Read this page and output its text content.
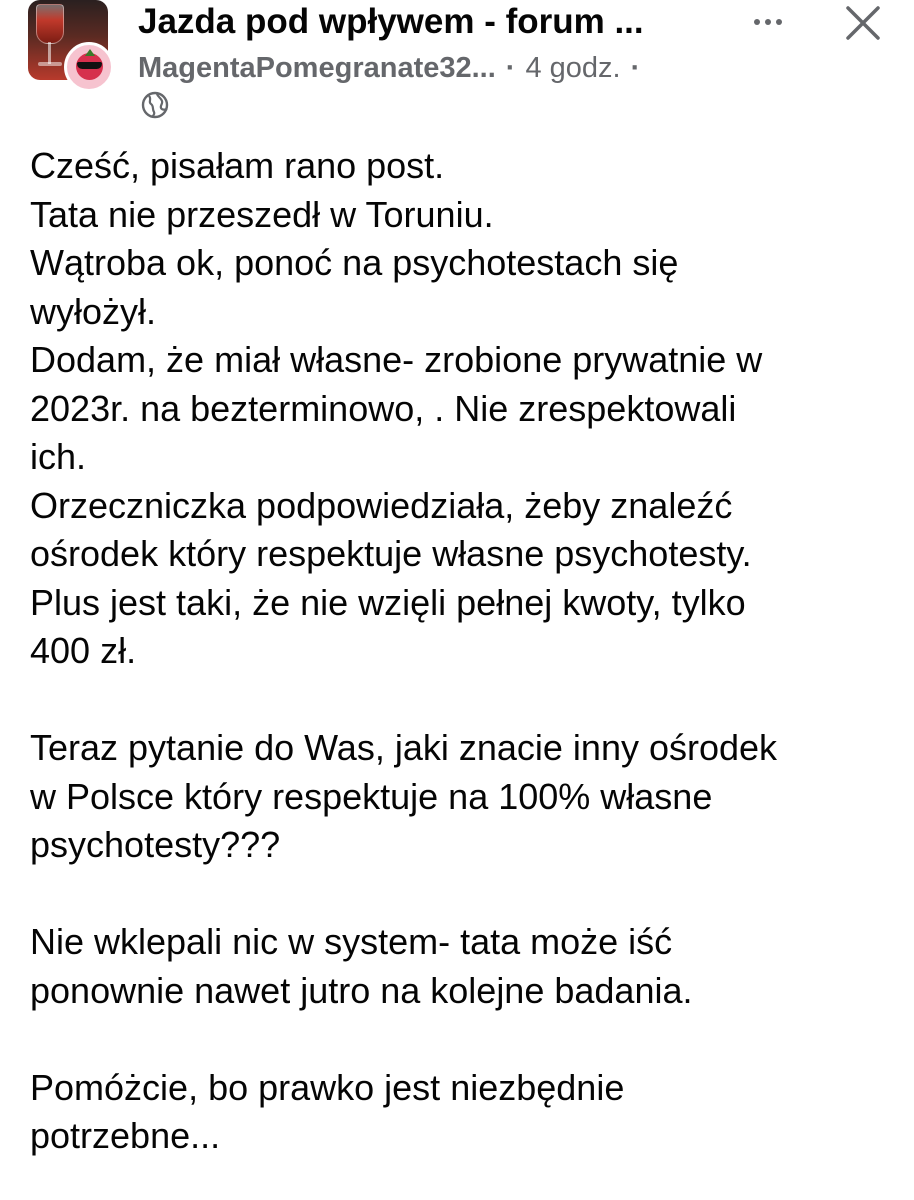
Jazda pod wpływem - forum ...
MagentaPomegranate32... · 4 godz. ·
Cześć, pisałam rano post.
Tata nie przeszedł w Toruniu.
Wątroba ok, ponoć na psychotestach się
wyłożył.
Dodam, że miał własne- zrobione prywatnie w
2023r. na bezterminowo, . Nie zrespektowali
ich.
Orzeczniczka podpowiedziała, żeby znaleźć
ośrodek który respektuje własne psychotesty.
Plus jest taki, że nie wzięli pełnej kwoty, tylko
400 zł.
Teraz pytanie do Was, jaki znacie inny ośrodek
w Polsce który respektuje na 100% własne
psychotesty???
Nie wklepali nic w system- tata może iść
ponownie nawet jutro na kolejne badania.
Pomóżcie, bo prawko jest niezbędnie
potrzebne...
